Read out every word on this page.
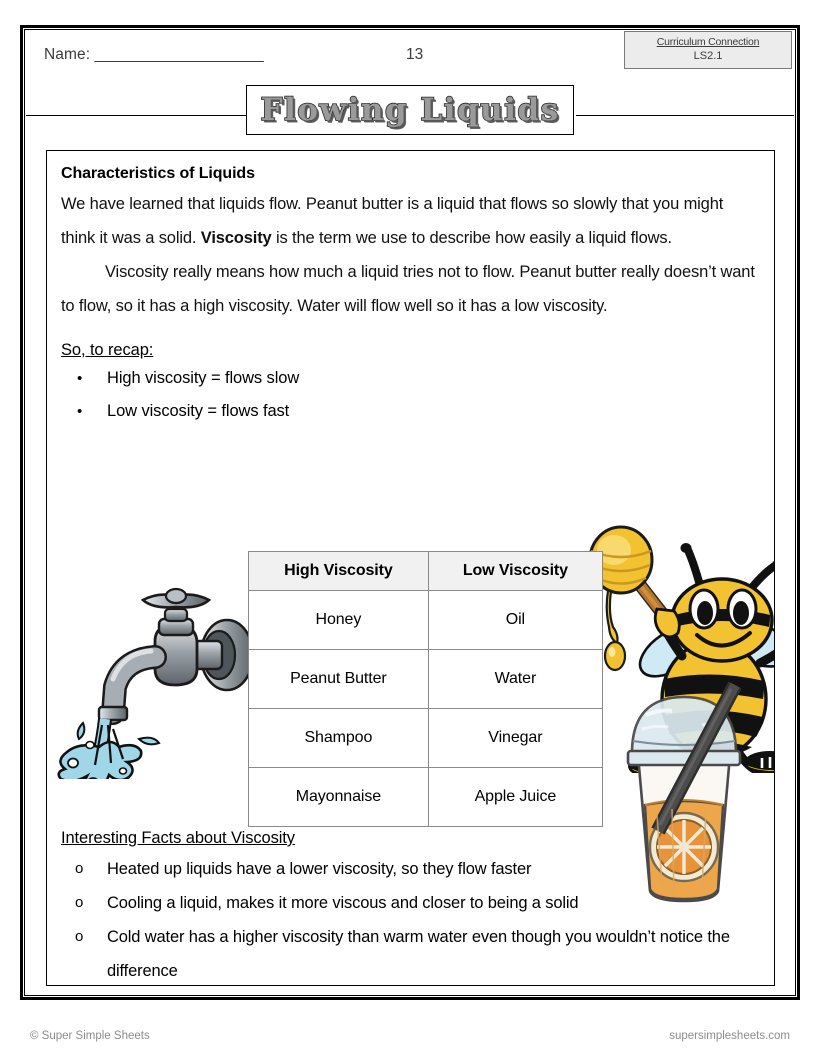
Name: _____________________	13
Curriculum Connection
LS2.1
Flowing Liquids
Characteristics of Liquids

We have learned that liquids flow. Peanut butter is a liquid that flows so slowly that you might think it was a solid. Viscosity is the term we use to describe how easily a liquid flows.

Viscosity really means how much a liquid tries not to flow. Peanut butter really doesn’t want to flow, so it has a high viscosity. Water will flow well so it has a low viscosity.

So, to recap:
• High viscosity = flows slow
• Low viscosity = flows fast
High Viscosity	Low Viscosity
Honey	Oil
Peanut Butter	Water
Shampoo	Vinegar
Mayonnaise	Apple Juice
Interesting Facts about Viscosity
o Heated up liquids have a lower viscosity, so they flow faster
o Cooling a liquid, makes it more viscous and closer to being a solid
o Cold water has a higher viscosity than warm water even though you wouldn’t notice the difference
© Super Simple Sheets	supersimplesheets.com
